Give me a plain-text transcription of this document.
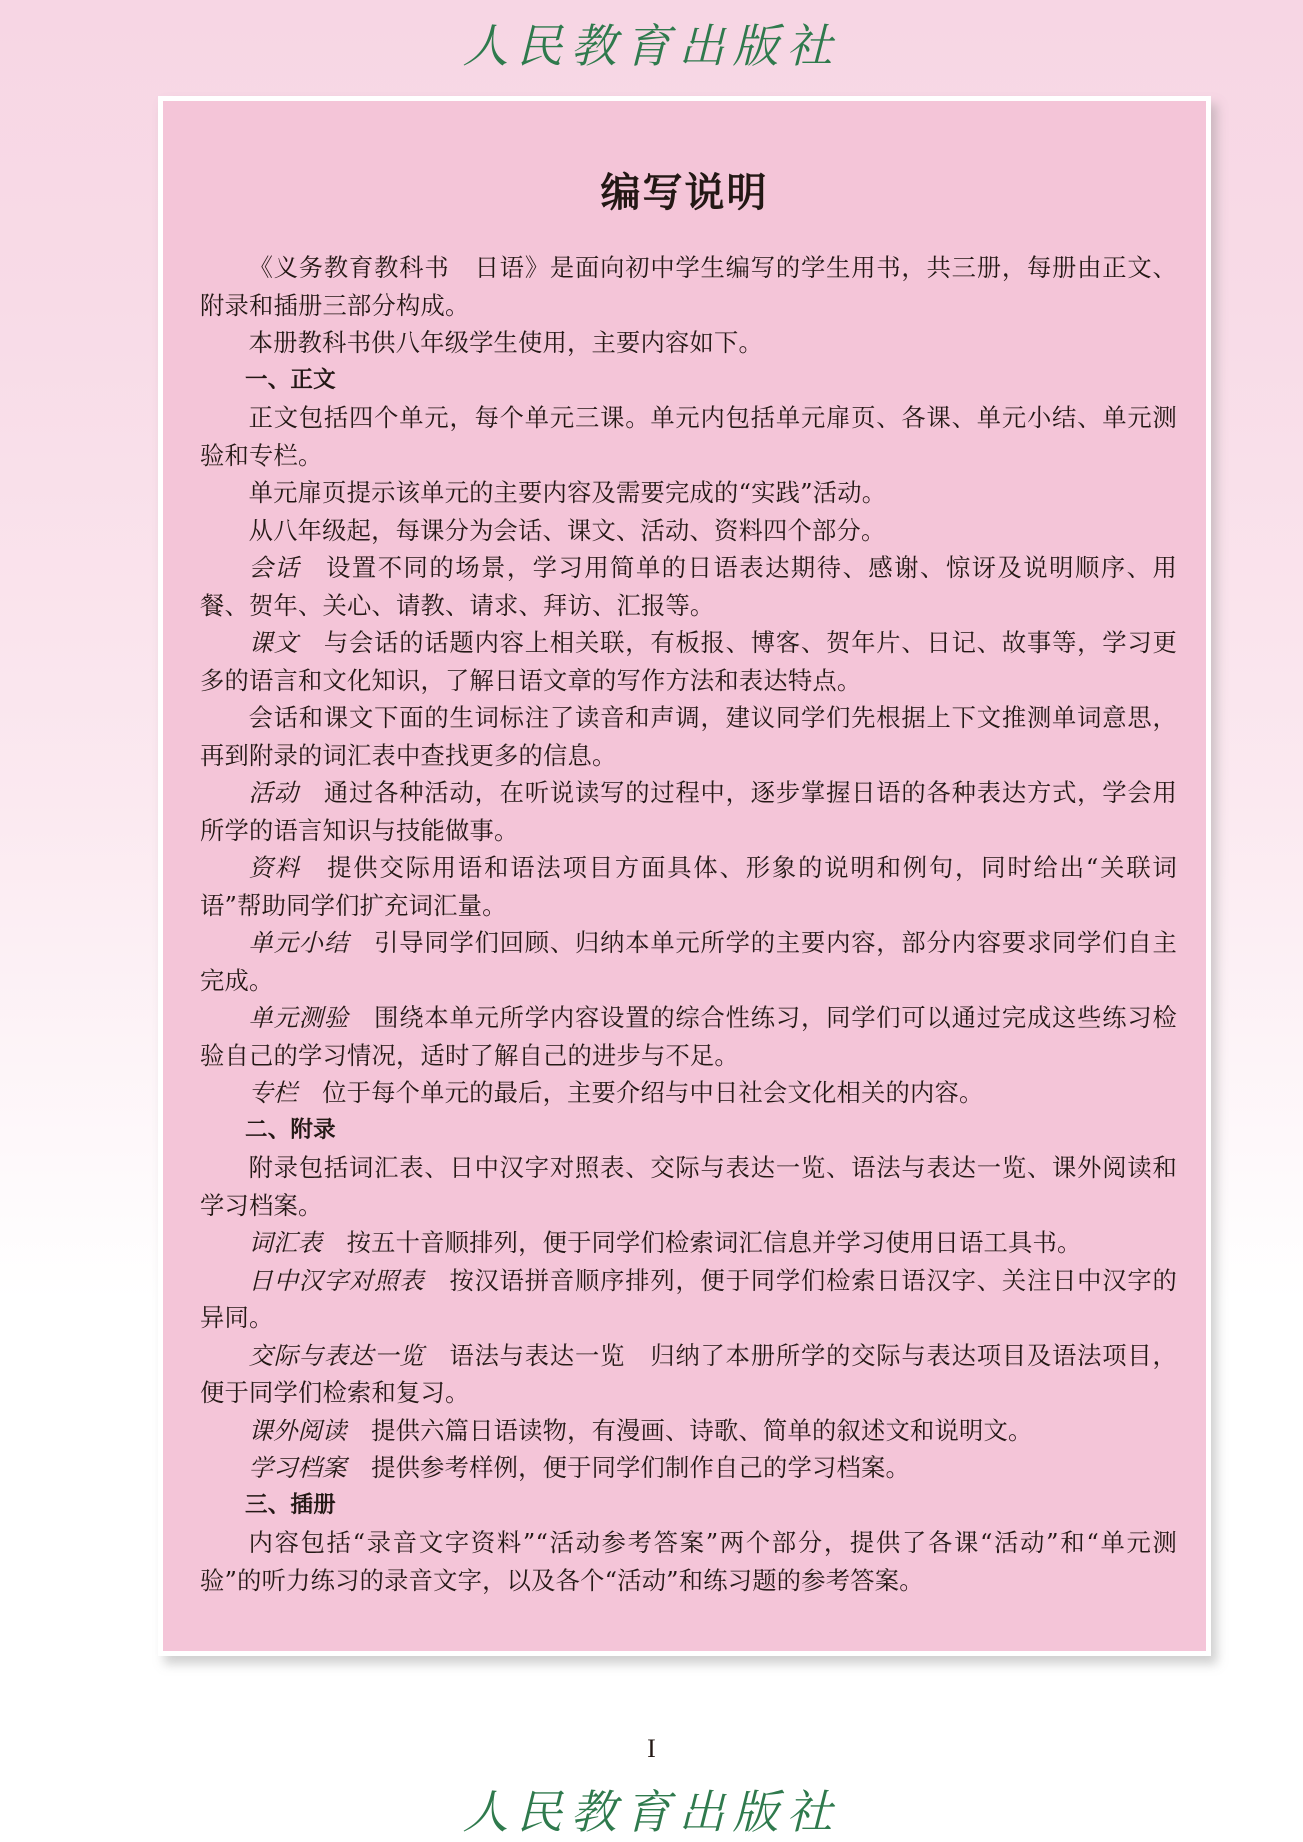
人民教育出版社
编写说明

《义务教育教科书　日语》是面向初中学生编写的学生用书，共三册，每册由正文、附录和插册三部分构成。

本册教科书供八年级学生使用，主要内容如下。

一、正文

正文包括四个单元，每个单元三课。单元内包括单元扉页、各课、单元小结、单元测验和专栏。

单元扉页提示该单元的主要内容及需要完成的“实践”活动。

从八年级起，每课分为会话、课文、活动、资料四个部分。

会话　 设置不同的场景，学习用简单的日语表达期待、感谢、惊讶及说明顺序、用餐、贺年、关心、请教、请求、拜访、汇报等。

课文　 与会话的话题内容上相关联，有板报、博客、贺年片、日记、故事等，学习更多的语言和文化知识，了解日语文章的写作方法和表达特点。

会话和课文下面的生词标注了读音和声调，建议同学们先根据上下文推测单词意思，再到附录的词汇表中查找更多的信息。

活动　 通过各种活动，在听说读写的过程中，逐步掌握日语的各种表达方式，学会用所学的语言知识与技能做事。

资料　 提供交际用语和语法项目方面具体、形象的说明和例句，同时给出“关联词语”帮助同学们扩充词汇量。

单元小结　 引导同学们回顾、归纳本单元所学的主要内容，部分内容要求同学们自主完成。

单元测验　 围绕本单元所学内容设置的综合性练习，同学们可以通过完成这些练习检验自己的学习情况，适时了解自己的进步与不足。

专栏　 位于每个单元的最后，主要介绍与中日社会文化相关的内容。

二、附录

附录包括词汇表、日中汉字对照表、交际与表达一览、语法与表达一览、课外阅读和学习档案。

词汇表　 按五十音顺排列，便于同学们检索词汇信息并学习使用日语工具书。

日中汉字对照表　 按汉语拼音顺序排列，便于同学们检索日语汉字、关注日中汉字的异同。

交际与表达一览　 语法与表达一览　归纳了本册所学的交际与表达项目及语法项目，便于同学们检索和复习。

课外阅读　 提供六篇日语读物，有漫画、诗歌、简单的叙述文和说明文。

学习档案　 提供参考样例，便于同学们制作自己的学习档案。

三、插册

内容包括“录音文字资料”“活动参考答案”两个部分，提供了各课“活动”和“单元测验”的听力练习的录音文字，以及各个“活动”和练习题的参考答案。

I
人民教育出版社
